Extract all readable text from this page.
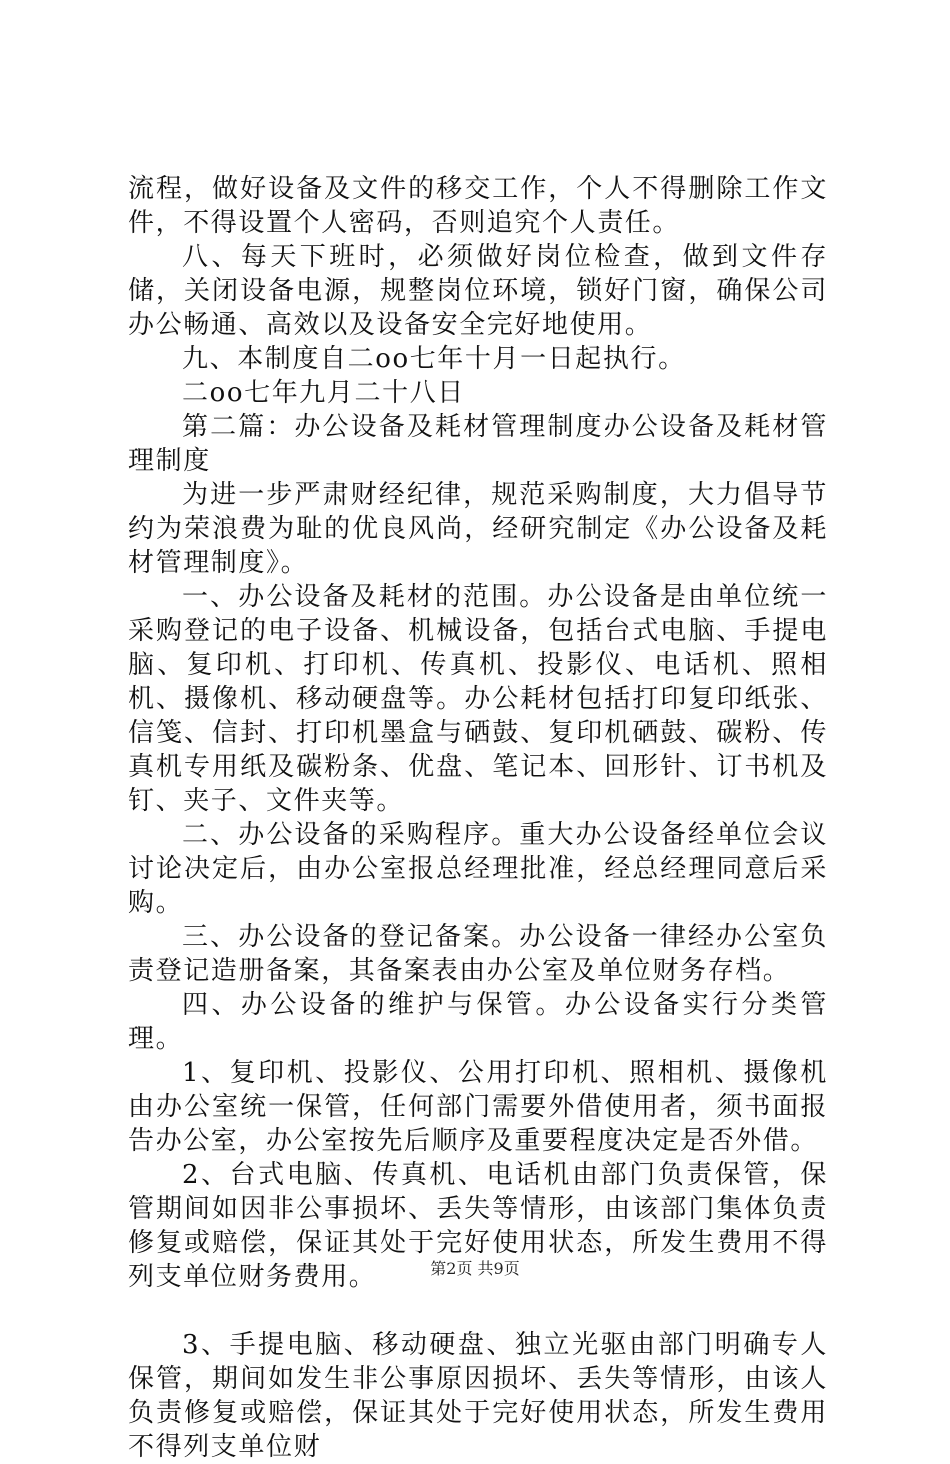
流程，做好设备及文件的移交工作，个人不得删除工作文件，不得设置个人密码，否则追究个人责任。

八、每天下班时，必须做好岗位检查，做到文件存储，关闭设备电源，规整岗位环境，锁好门窗，确保公司办公畅通、高效以及设备安全完好地使用。

九、本制度自二oo七年十月一日起执行。

二oo七年九月二十八日

第二篇：办公设备及耗材管理制度办公设备及耗材管理制度

为进一步严肃财经纪律，规范采购制度，大力倡导节约为荣浪费为耻的优良风尚，经研究制定《办公设备及耗材管理制度》。

一、办公设备及耗材的范围。办公设备是由单位统一采购登记的电子设备、机械设备，包括台式电脑、手提电脑、复印机、打印机、传真机、投影仪、电话机、照相机、摄像机、移动硬盘等。办公耗材包括打印复印纸张、信笺、信封、打印机墨盒与硒鼓、复印机硒鼓、碳粉、传真机专用纸及碳粉条、优盘、笔记本、回形针、订书机及钉、夹子、文件夹等。

二、办公设备的采购程序。重大办公设备经单位会议讨论决定后，由办公室报总经理批准，经总经理同意后采购。

三、办公设备的登记备案。办公设备一律经办公室负责登记造册备案，其备案表由办公室及单位财务存档。

四、办公设备的维护与保管。办公设备实行分类管理。

1、复印机、投影仪、公用打印机、照相机、摄像机由办公室统一保管，任何部门需要外借使用者，须书面报告办公室，办公室按先后顺序及重要程度决定是否外借。

2、台式电脑、传真机、电话机由部门负责保管，保管期间如因非公事损坏、丢失等情形，由该部门集体负责修复或赔偿，保证其处于完好使用状态，所发生费用不得列支单位财务费用。

3、手提电脑、移动硬盘、独立光驱由部门明确专人保管，期间如发生非公事原因损坏、丢失等情形，由该人负责修复或赔偿，保证其处于完好使用状态，所发生费用不得列支单位财

第2页 共9页
